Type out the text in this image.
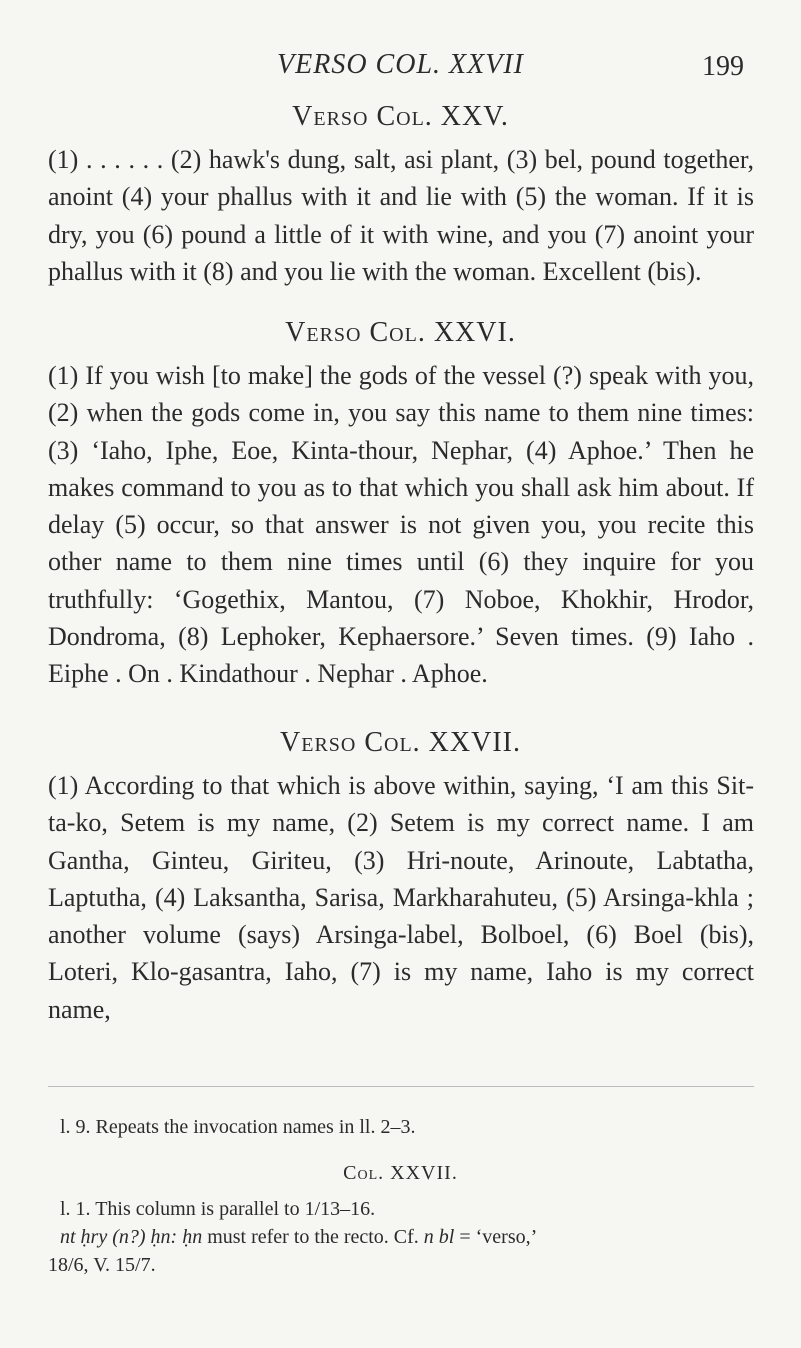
VERSO COL. XXVII	199
Verso Col. XXV.

(1) . . . . . . (2) hawk's dung, salt, asi plant, (3) bel, pound together, anoint (4) your phallus with it and lie with (5) the woman. If it is dry, you (6) pound a little of it with wine, and you (7) anoint your phallus with it (8) and you lie with the woman. Excellent (bis).

Verso Col. XXVI.

(1) If you wish [to make] the gods of the vessel (?) speak with you, (2) when the gods come in, you say this name to them nine times: (3) ‘Iaho, Iphe, Eoe, Kinta-thour, Nephar, (4) Aphoe.’ Then he makes command to you as to that which you shall ask him about. If delay (5) occur, so that answer is not given you, you recite this other name to them nine times until (6) they inquire for you truthfully: ‘Gogethix, Mantou, (7) Noboe, Khokhir, Hrodor, Dondroma, (8) Lephoker, Kephaersore.’ Seven times. (9) Iaho . Eiphe . On . Kindathour . Nephar . Aphoe.

Verso Col. XXVII.

(1) According to that which is above within, saying, ‘I am this Sit-ta-ko, Setem is my name, (2) Setem is my correct name. I am Gantha, Ginteu, Giriteu, (3) Hri-noute, Arinoute, Labtatha, Laptutha, (4) Laksantha, Sarisa, Markharahuteu, (5) Arsinga-khla ; another volume (says) Arsinga-label, Bolboel, (6) Boel (bis), Loteri, Klo-gasantra, Iaho, (7) is my name, Iaho is my correct name,

l. 9. Repeats the invocation names in ll. 2–3.
Col. XXVII.
l. 1. This column is parallel to 1/13–16.
nt ḥry (n?) ḥn: ḥn must refer to the recto. Cf. n bl = ‘verso,’
18/6, V. 15/7.
